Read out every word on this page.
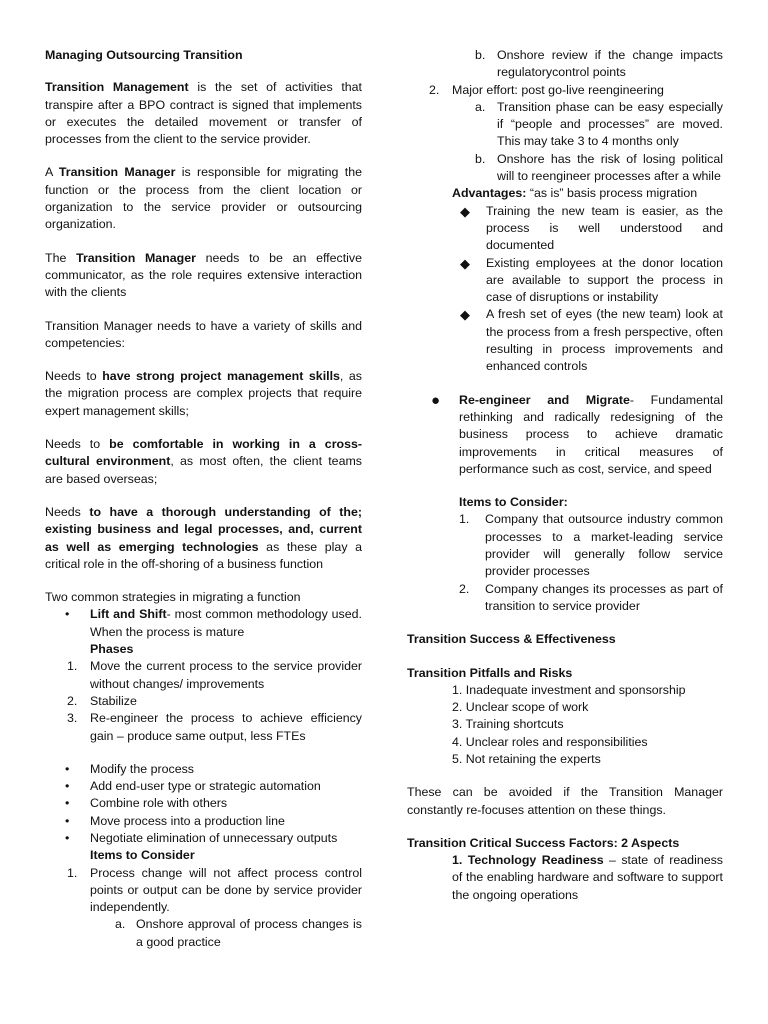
Managing Outsourcing Transition

Transition Management is the set of activities that transpire after a BPO contract is signed that implements or executes the detailed movement or transfer of processes from the client to the service provider.

A Transition Manager is responsible for migrating the function or the process from the client location or organization to the service provider or outsourcing organization.

The Transition Manager needs to be an effective communicator, as the role requires extensive interaction with the clients

Transition Manager needs to have a variety of skills and competencies:

Needs to have strong project management skills, as the migration process are complex projects that require expert management skills;

Needs to be comfortable in working in a cross-cultural environment, as most often, the client teams are based overseas;

Needs to have a thorough understanding of the; existing business and legal processes, and, current as well as emerging technologies as these play a critical role in the off-shoring of a business function

Two common strategies in migrating a function

•	Lift and Shift- most common methodology used. When the process is mature

Phases

1.	Move the current process to the service provider without changes/ improvements
2.	Stabilize
3.	Re-engineer the process to achieve efficiency gain – produce same output, less FTEs
•	Modify the process
•	Add end-user type or strategic automation
•	Combine role with others
•	Move process into a production line
•	Negotiate elimination of unnecessary outputs

Items to Consider

1.	Process change will not affect process control points or output can be done by service provider independently.
a. Onshore approval of process changes is a good practice
b. Onshore review if the change impacts regulatorycontrol points
2.	Major effort: post go-live reengineering
a. Transition phase can be easy especially if “people and processes” are moved. This may take 3 to 4 months only
b. Onshore has the risk of losing political will to reengineer processes after a while

Advantages: “as is” basis process migration

◆	Training the new team is easier, as the process is well understood and documented
◆	Existing employees at the donor location are available to support the process in case of disruptions or instability
◆	A fresh set of eyes (the new team) look at the process from a fresh perspective, often resulting in process improvements and enhanced controls
●	Re-engineer and Migrate- Fundamental rethinking and radically redesigning of the business process to achieve dramatic improvements in critical measures of performance such as cost, service, and speed

Items to Consider:

1.	Company that outsource industry common processes to a market-leading service provider will generally follow service provider processes
2.	Company changes its processes as part of transition to service provider

Transition Success & Effectiveness

Transition Pitfalls and Risks

1. Inadequate investment and sponsorship

2. Unclear scope of work

3. Training shortcuts

4. Unclear roles and responsibilities

5. Not retaining the experts

These can be avoided if the Transition Manager constantly re-focuses attention on these things.

Transition Critical Success Factors: 2 Aspects

1. Technology Readiness – state of readiness of the enabling hardware and software to support the ongoing operations
